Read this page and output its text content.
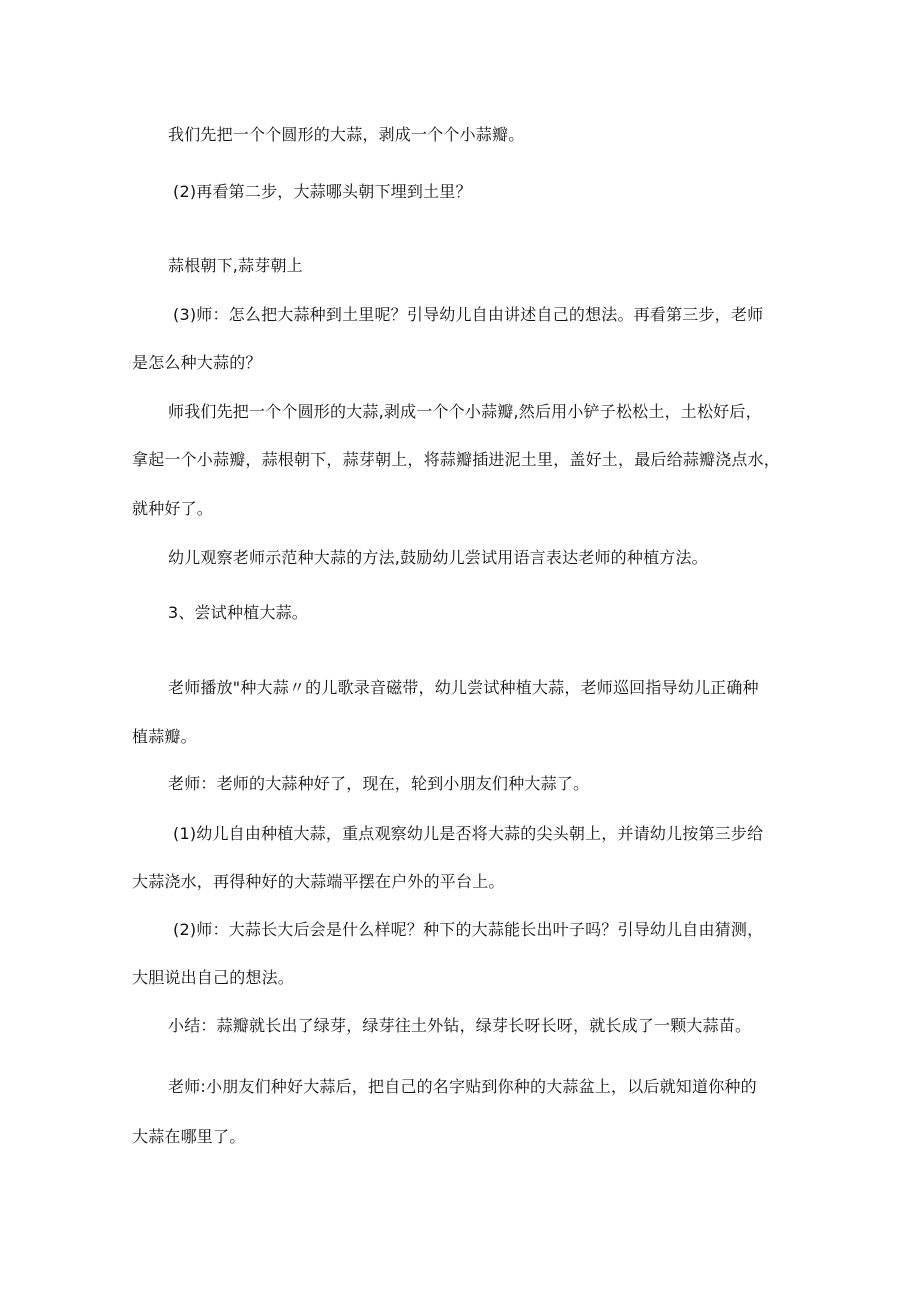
我们先把一个个圆形的大蒜，剥成一个个小蒜瓣。
(2)再看第二步，大蒜哪头朝下埋到土里？
蒜根朝下,蒜芽朝上
(3)师：怎么把大蒜种到土里呢？引导幼儿自由讲述自己的想法。再看第三步，老师
是怎么种大蒜的？
师我们先把一个个圆形的大蒜,剥成一个个小蒜瓣,然后用小铲子松松土，土松好后，
拿起一个小蒜瓣，蒜根朝下，蒜芽朝上，将蒜瓣插进泥土里，盖好土，最后给蒜瓣浇点水，
就种好了。
幼儿观察老师示范种大蒜的方法,鼓励幼儿尝试用语言表达老师的种植方法。
3、尝试种植大蒜。
老师播放"种大蒜〃的儿歌录音磁带，幼儿尝试种植大蒜，老师巡回指导幼儿正确种
植蒜瓣。
老师：老师的大蒜种好了，现在，轮到小朋友们种大蒜了。
(1)幼儿自由种植大蒜，重点观察幼儿是否将大蒜的尖头朝上，并请幼儿按第三步给
大蒜浇水，再得种好的大蒜端平摆在户外的平台上。
(2)师：大蒜长大后会是什么样呢？种下的大蒜能长出叶子吗？引导幼儿自由猜测，
大胆说出自己的想法。
小结：蒜瓣就长出了绿芽，绿芽往土外钻，绿芽长呀长呀，就长成了一颗大蒜苗。
老师:小朋友们种好大蒜后，把自己的名字贴到你种的大蒜盆上，以后就知道你种的
大蒜在哪里了。
